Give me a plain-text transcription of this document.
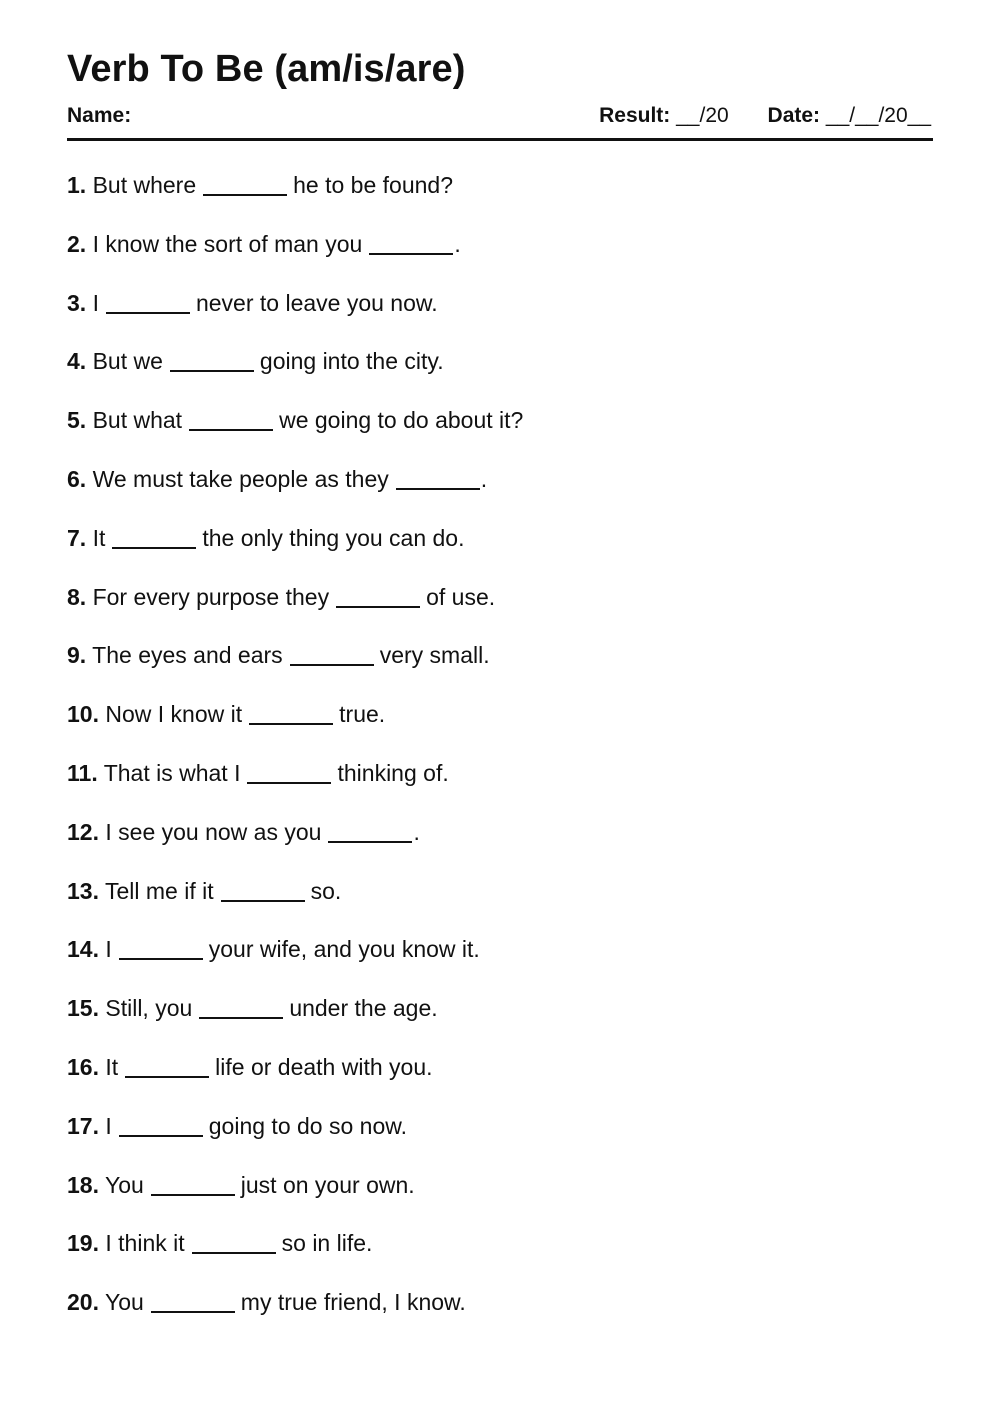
Verb To Be (am/is/are)
Name:	Result: __/20 Date: __/__/20__
1. But where	he to be found?
2. I know the sort of man you	.
3. I	never to leave you now.
4. But we	going into the city.
5. But what	we going to do about it?
6. We must take people as they	.
7. It	the only thing you can do.
8. For every purpose they	of use.
9. The eyes and ears	very small.
10. Now I know it	true.
11. That is what I	thinking of.
12. I see you now as you	.
13. Tell me if it	so.
14. I	your wife, and you know it.
15. Still, you	under the age.
16. It	life or death with you.
17. I	going to do so now.
18. You	just on your own.
19. I think it	so in life.
20. You	my true friend, I know.
